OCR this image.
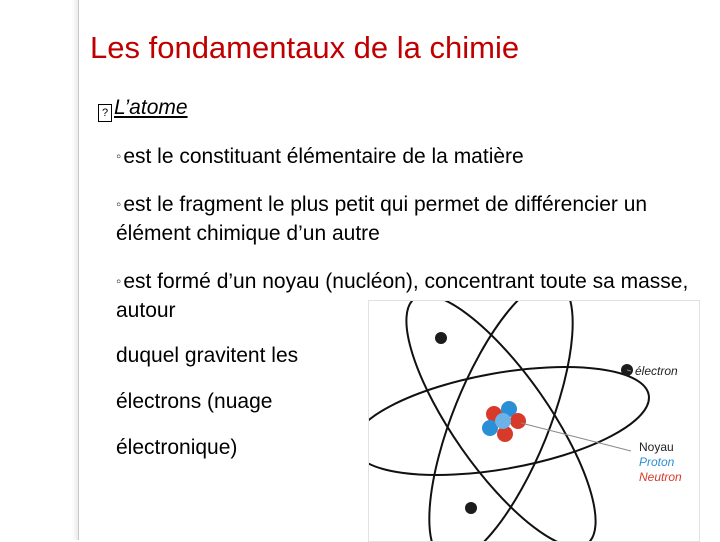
Les fondamentaux de la chimie
? L’atome
◦est le constituant élémentaire de la matière
◦est le fragment le plus petit qui permet de différencier un élément chimique d’un autre
◦est formé d’un noyau (nucléon), concentrant toute sa masse, autour
électron
Noyau
Proton
Neutron
duquel gravitent les
électrons (nuage
électronique)
